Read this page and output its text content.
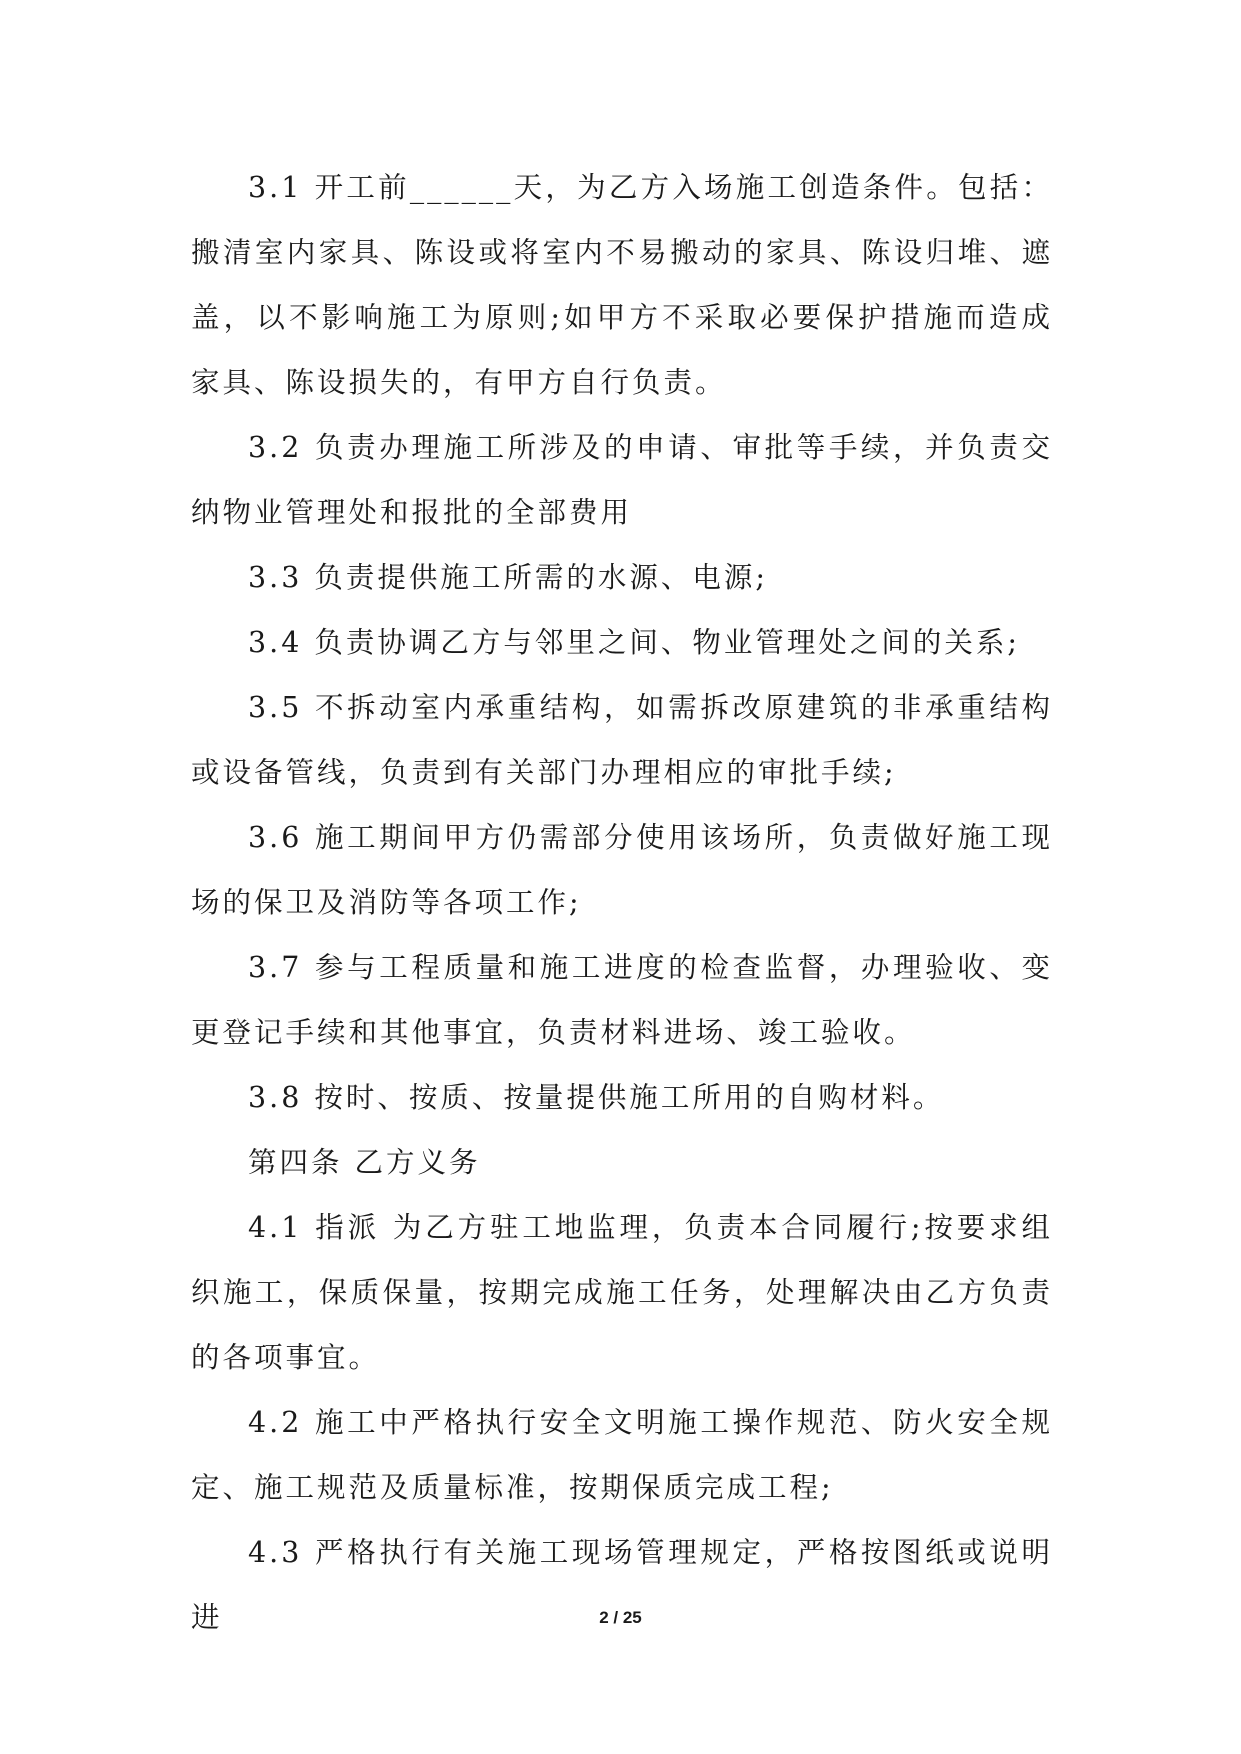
3.1 开工前______天，为乙方入场施工创造条件。包括：搬清室内家具、陈设或将室内不易搬动的家具、陈设归堆、遮盖，以不影响施工为原则;如甲方不采取必要保护措施而造成家具、陈设损失的，有甲方自行负责。

3.2 负责办理施工所涉及的申请、审批等手续，并负责交纳物业管理处和报批的全部费用

3.3 负责提供施工所需的水源、电源;

3.4 负责协调乙方与邻里之间、物业管理处之间的关系;

3.5 不拆动室内承重结构，如需拆改原建筑的非承重结构或设备管线，负责到有关部门办理相应的审批手续;

3.6 施工期间甲方仍需部分使用该场所，负责做好施工现场的保卫及消防等各项工作;

3.7 参与工程质量和施工进度的检查监督，办理验收、变更登记手续和其他事宜，负责材料进场、竣工验收。

3.8 按时、按质、按量提供施工所用的自购材料。

第四条 乙方义务

4.1 指派 为乙方驻工地监理，负责本合同履行;按要求组织施工，保质保量，按期完成施工任务，处理解决由乙方负责的各项事宜。

4.2 施工中严格执行安全文明施工操作规范、防火安全规定、施工规范及质量标准，按期保质完成工程;

4.3 严格执行有关施工现场管理规定，严格按图纸或说明进	2 / 25
